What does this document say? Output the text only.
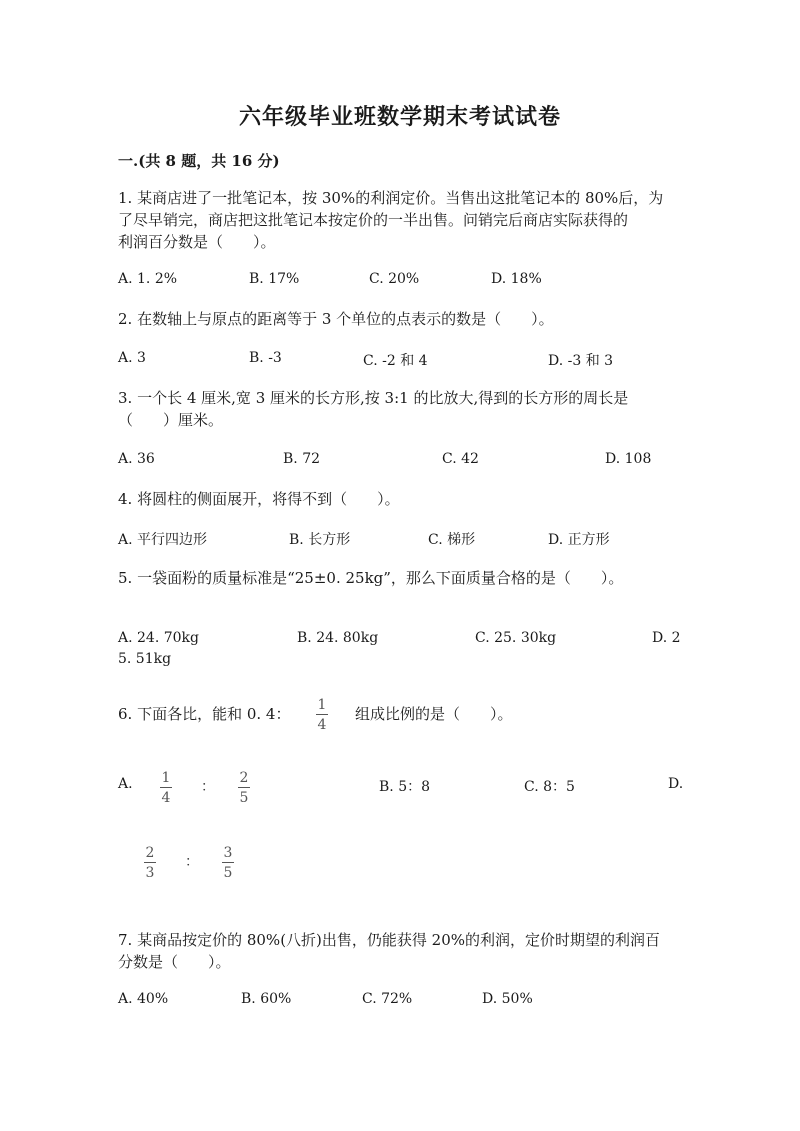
六年级毕业班数学期末考试试卷
一.(共 8 题，共 16 分)
1. 某商店进了一批笔记本，按 30%的利润定价。当售出这批笔记本的 80%后，为
了尽早销完，商店把这批笔记本按定价的一半出售。问销完后商店实际获得的
利润百分数是（　　）。
A. 1. 2%	B. 17%	C. 20%	D. 18%
2. 在数轴上与原点的距离等于 3 个单位的点表示的数是（　　）。
A. 3	B. -3	C. -2 和 4	D. -3 和 3
3. 一个长 4 厘米,宽 3 厘米的长方形,按 3:1 的比放大,得到的长方形的周长是
（　　）厘米。
A. 36	B. 72	C. 42	D. 108
4. 将圆柱的侧面展开，将得不到（　　）。
A. 平行四边形	B. 长方形	C. 梯形	D. 正方形
5. 一袋面粉的质量标准是“25±0. 25kg”，那么下面质量合格的是（　　）。
A. 24. 70kg	B. 24. 80kg	C. 25. 30kg	D. 2
5. 51kg
6. 下面各比，能和 0. 4： 1
4
组成比例的是（　　）。
A. 1
4
：
2
5
B. 5：8	C. 8：5	D.
2
3
：
3
5
7. 某商品按定价的 80%(八折)出售，仍能获得 20%的利润，定价时期望的利润百
分数是（　　）。
A. 40%	B. 60%	C. 72%	D. 50%
